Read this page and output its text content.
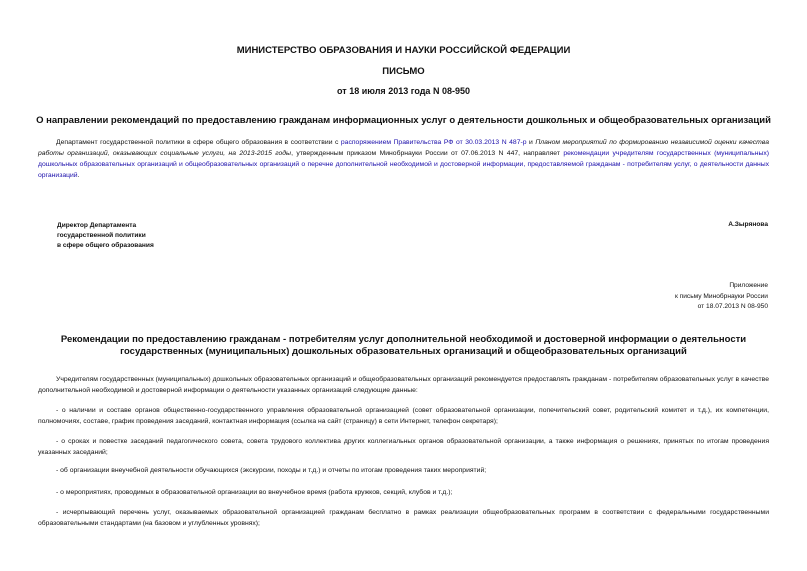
МИНИСТЕРСТВО ОБРАЗОВАНИЯ И НАУКИ РОССИЙСКОЙ ФЕДЕРАЦИИ
ПИСЬМО
от 18 июля 2013 года N 08-950
О направлении рекомендаций по предоставлению гражданам информационных услуг о деятельности дошкольных и общеобразовательных организаций
Департамент государственной политики в сфере общего образования в соответствии с распоряжением Правительства РФ от 30.03.2013 N 487-р и Планом мероприятий по формированию независимой оценки качества работы организаций, оказывающих социальные услуги, на 2013-2015 годы, утвержденным приказом Минобрнауки России от 07.06.2013 N 447, направляет рекомендации учредителям государственных (муниципальных) дошкольных образовательных организаций и общеобразовательных организаций о перечне дополнительной необходимой и достоверной информации, предоставляемой гражданам - потребителям услуг, о деятельности данных организаций.
Директор Департамента
государственной политики
в сфере общего образования
А.Зырянова
Приложение
к письму Минобрнауки России
от 18.07.2013 N 08-950
Рекомендации по предоставлению гражданам - потребителям услуг дополнительной необходимой и достоверной информации о деятельности государственных (муниципальных) дошкольных образовательных организаций и общеобразовательных организаций
Учредителям государственных (муниципальных) дошкольных образовательных организаций и общеобразовательных организаций рекомендуется предоставлять гражданам - потребителям образовательных услуг в качестве дополнительной необходимой и достоверной информации о деятельности указанных организаций следующие данные:
- о наличии и составе органов общественно-государственного управления образовательной организацией (совет образовательной организации, попечительский совет, родительский комитет и т.д.), их компетенции, полномочиях, составе, график проведения заседаний, контактная информация (ссылка на сайт (страницу) в сети Интернет, телефон секретаря);
- о сроках и повестке заседаний педагогического совета, совета трудового коллектива других коллегиальных органов образовательной организации, а также информация о решениях, принятых по итогам проведения указанных заседаний;
- об организации внеучебной деятельности обучающихся (экскурсии, походы и т.д.) и отчеты по итогам проведения таких мероприятий;
- о мероприятиях, проводимых в образовательной организации во внеучебное время (работа кружков, секций, клубов и т.д.);
- исчерпывающий перечень услуг, оказываемых образовательной организацией гражданам бесплатно в рамках реализации общеобразовательных программ в соответствии с федеральными государственными образовательными стандартами (на базовом и углубленных уровнях);
